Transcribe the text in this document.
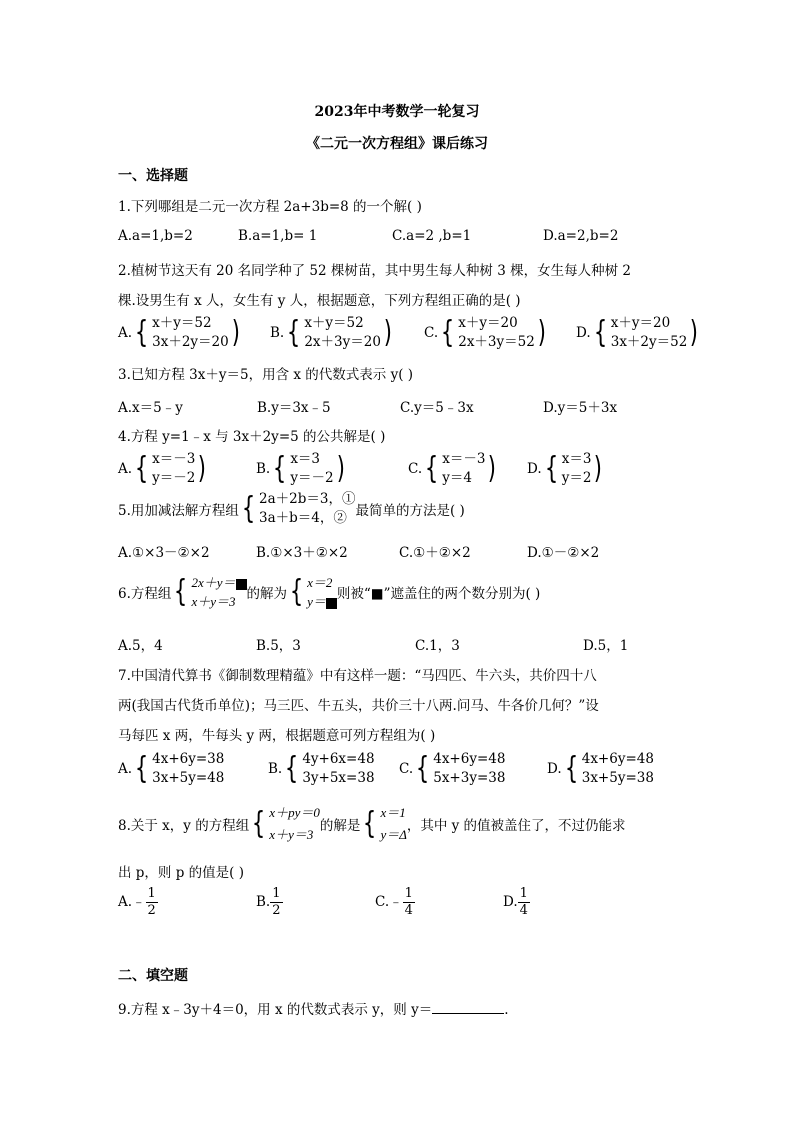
2023年中考数学一轮复习
《二元一次方程组》课后练习
一、选择题
1.下列哪组是二元一次方程 2a+3b=8 的一个解( )
A.a=1,b=2	B.a=1,b= 1	C.a=2 ,b=1	D.a=2,b=2
2.植树节这天有 20 名同学种了 52 棵树苗，其中男生每人种树 3 棵，女生每人种树 2
棵.设男生有 x 人，女生有 y 人，根据题意，下列方程组正确的是( )
A. { x＋y＝52
3x＋2y＝20 ) B. { x＋y＝52
2x＋3y＝20 ) C. { x＋y＝20
2x＋3y＝52 ) D. { x＋y＝20
3x＋2y＝52 )
3.已知方程 3x＋y＝5，用含 x 的代数式表示 y( )
A.x＝5﹣y	B.y＝3x﹣5	C.y＝5﹣3x	D.y＝5＋3x
4.方程 y=1﹣x 与 3x＋2y=5 的公共解是( )
A. { x＝－3
y＝－2 )	B. { x＝3
y＝－2 )	C. { x＝－3
y＝4 ) D. { x＝3
y＝2 )
5.用加减法解方程组 { 2a＋2b＝3，①
3a＋b＝4，② 最简单的方法是( )
A.①×3－②×2	B.①×3＋②×2	C.①＋②×2	D.①－②×2
6.方程组 { 2x＋y＝
x＋y＝3 的解为 { x＝2
y＝ 则被“■”遮盖住的两个数分别为( )
A.5，4	B.5，3	C.1，3	D.5，1
7.中国清代算书《御制数理精蕴》中有这样一题：“马四匹、牛六头，共价四十八
两(我国古代货币单位)；马三匹、牛五头，共价三十八两.问马、牛各价几何？”设
马每匹 x 两，牛每头 y 两，根据题意可列方程组为( )
A. { 4x+6y=38
3x+5y=48
B. { 4y+6x=48
3y+5x=38
C. { 4x+6y=48
5x+3y=38
D. { 4x+6y=48
3x+5y=38
8.关于 x，y 的方程组 { x＋py＝0
x＋y＝3
的解是 { x＝1
y＝Δ
，其中 y 的值被盖住了，不过仍能求
出 p，则 p 的值是( )
A.﹣ $\frac{1}{2}$	B. $\frac{1}{2}$	C.﹣ $\frac{1}{4}$	D. $\frac{1}{4}$
二、填空题
9.方程 x﹣3y＋4＝0，用 x 的代数式表示 y，则 y＝	.
